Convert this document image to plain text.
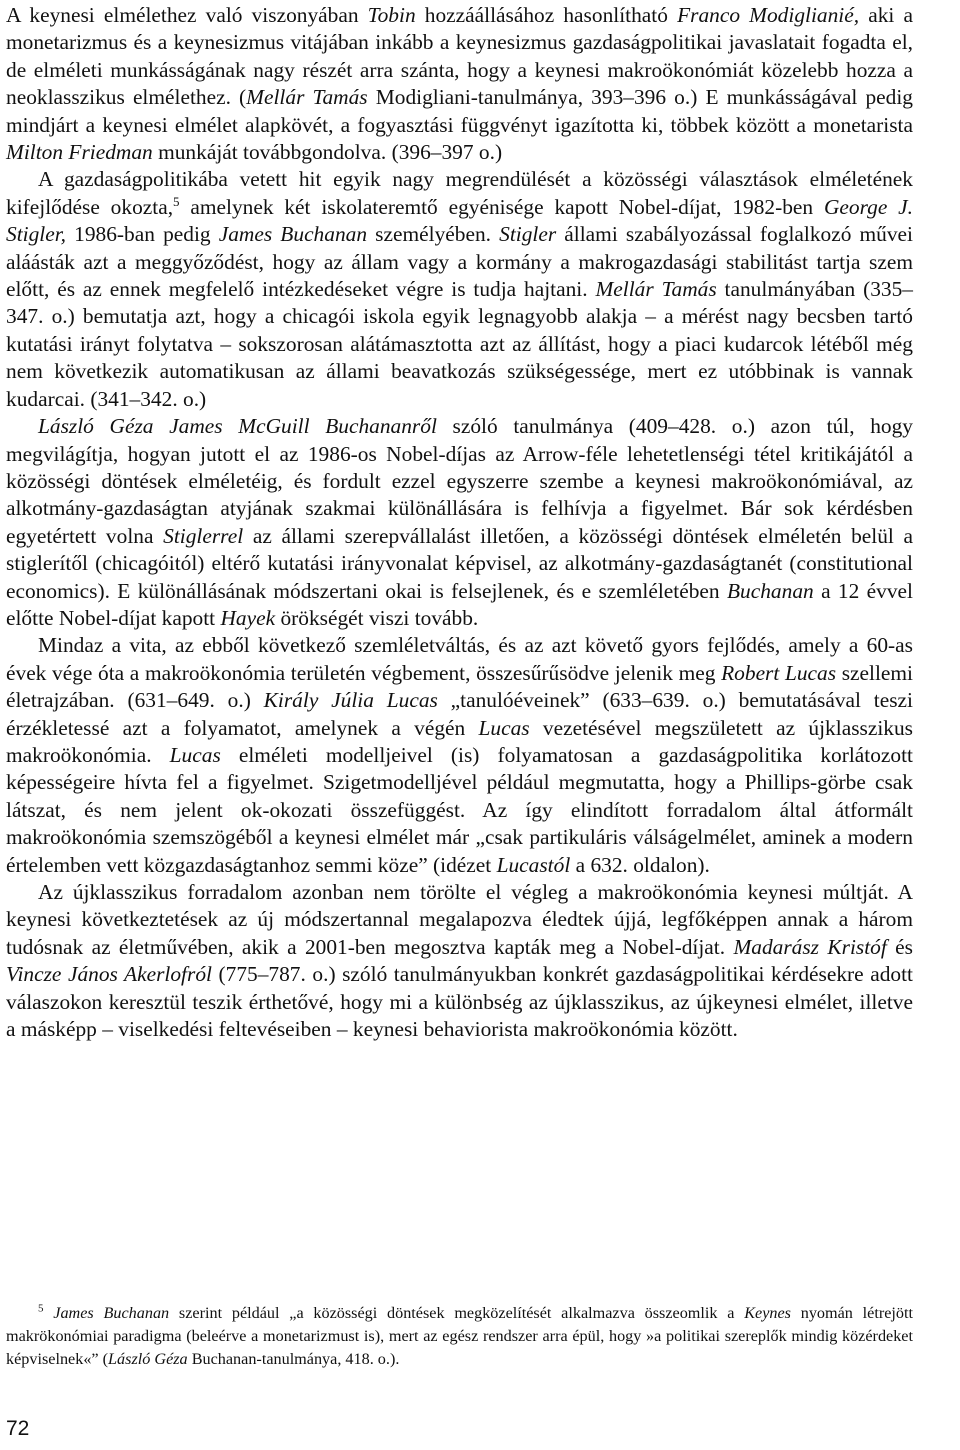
A keynesi elmélethez való viszonyában Tobin hozzáállásához hasonlítható Franco Modiglianié, aki a monetarizmus és a keynesizmus vitájában inkább a keynesizmus gazdaságpolitikai javaslatait fogadta el, de elméleti munkásságának nagy részét arra szánta, hogy a keynesi makroökonómiát közelebb hozza a neoklasszikus elmélethez. (Mellár Tamás Modigliani-tanulmánya, 393–396 o.) E munkásságával pedig mindjárt a keynesi elmélet alapkövét, a fogyasztási függvényt igazította ki, többek között a monetarista Milton Friedman munkáját továbbgondolva. (396–397 o.)

A gazdaságpolitikába vetett hit egyik nagy megrendülését a közösségi választások elméletének kifejlődése okozta,$^5$ amelynek két iskolateremtő egyénisége kapott Nobel-díjat, 1982-ben George J. Stigler, 1986-ban pedig James Buchanan személyében. Stigler állami szabályozással foglalkozó művei aláásták azt a meggyőződést, hogy az állam vagy a kormány a makrogazdasági stabilitást tartja szem előtt, és az ennek megfelelő intézkedéseket végre is tudja hajtani. Mellár Tamás tanulmányában (335–347. o.) bemutatja azt, hogy a chicagói iskola egyik legnagyobb alakja – a mérést nagy becsben tartó kutatási irányt folytatva – sokszorosan alátámasztotta azt az állítást, hogy a piaci kudarcok létéből még nem következik automatikusan az állami beavatkozás szükségessége, mert ez utóbbinak is vannak kudarcai. (341–342. o.)

László Géza James McGuill Buchananről szóló tanulmánya (409–428. o.) azon túl, hogy megvilágítja, hogyan jutott el az 1986-os Nobel-díjas az Arrow-féle lehetetlenségi tétel kritikájától a közösségi döntések elméletéig, és fordult ezzel egyszerre szembe a keynesi makroökonómiával, az alkotmány-gazdaságtan atyjának szakmai különállására is felhívja a figyelmet. Bár sok kérdésben egyetértett volna Stiglerrel az állami szerepvállalást illetően, a közösségi döntések elméletén belül a stiglerítől (chicagóitól) eltérő kutatási irányvonalat képvisel, az alkotmány-gazdaságtanét (constitutional economics). E különállásának módszertani okai is felsejlenek, és e szemléletében Buchanan a 12 évvel előtte Nobel-díjat kapott Hayek örökségét viszi tovább.

Mindaz a vita, az ebből következő szemléletváltás, és az azt követő gyors fejlődés, amely a 60-as évek vége óta a makroökonómia területén végbement, összesűrűsödve jelenik meg Robert Lucas szellemi életrajzában. (631–649. o.) Király Júlia Lucas „tanulóéveinek” (633–639. o.) bemutatásával teszi érzékletessé azt a folyamatot, amelynek a végén Lucas vezetésével megszületett az újklasszikus makroökonómia. Lucas elméleti modelljeivel (is) folyamatosan a gazdaságpolitika korlátozott képességeire hívta fel a figyelmet. Szigetmodelljével például megmutatta, hogy a Phillips-görbe csak látszat, és nem jelent ok-okozati összefüggést. Az így elindított forradalom által átformált makroökonómia szemszögéből a keynesi elmélet már „csak partikuláris válságelmélet, aminek a modern értelemben vett közgazdaságtanhoz semmi köze” (idézet Lucastól a 632. oldalon).

Az újklasszikus forradalom azonban nem törölte el végleg a makroökonómia keynesi múltját. A keynesi következtetések az új módszertannal megalapozva éledtek újjá, legfőképpen annak a három tudósnak az életművében, akik a 2001-ben megosztva kapták meg a Nobel-díjat. Madarász Kristóf és Vincze János Akerlofról (775–787. o.) szóló tanulmányukban konkrét gazdaságpolitikai kérdésekre adott válaszokon keresztül teszik érthetővé, hogy mi a különbség az újklasszikus, az újkeynesi elmélet, illetve a másképp – viselkedési feltevéseiben – keynesi behaviorista makroökonómia között.

$^5$ James Buchanan szerint például „a közösségi döntések megközelítését alkalmazva összeomlik a Keynes nyomán létrejött makrökonómiai paradigma (beleérve a monetarizmust is), mert az egész rendszer arra épül, hogy »a politikai szereplők mindig közérdeket képviselnek«” (László Géza Buchanan-tanulmánya, 418. o.).

72
